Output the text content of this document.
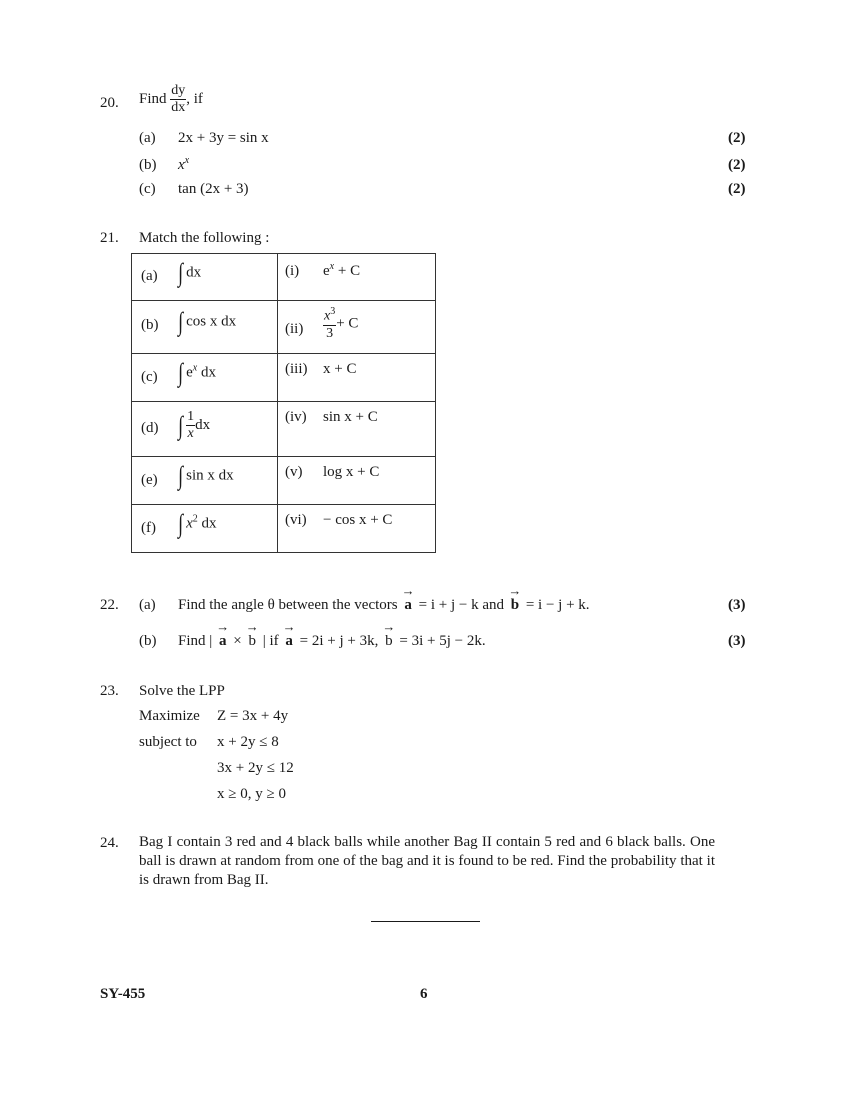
20. Find $\frac{dy}{dx}$ , if
(a) 2x + 3y = sin x	(2)
(b) $x^x$	(2)
(c) tan (2x + 3)	(2)
21. Match the following :
(a) ∫ dx	(i) $e^x + C$

(b) ∫ cos x dx	$(ii) \frac{x^3}{3} + C$

(c) ∫ $e^x$ dx	(iii) x + C

(d) ∫ $\frac{1}{x}$ dx	(iv) sin x + C

(e) ∫ sin x dx	(v) log x + C

(f) ∫ $x^2$ dx	(vi) − cos x + C
22. (a) Find the angle θ between the vectors
→
a = i + j − k and
→
b = i − j + k.	(3)
(b) Find |
→
a ×
→
b | if
→
a = 2i + j + 3k,
→
b = 3i + 5j − 2k.	(3)
23. Solve the LPP
Maximize Z = 3x + 4y
subject to x + 2y ≤ 8
3x + 2y ≤ 12
x ≥ 0, y ≥ 0
24. Bag I contain 3 red and 4 black balls while another Bag II contain 5 red and 6 black balls. One ball is drawn at random from one of the bag and it is found to be red. Find the probability that it is drawn from Bag II.

SY-455	6
